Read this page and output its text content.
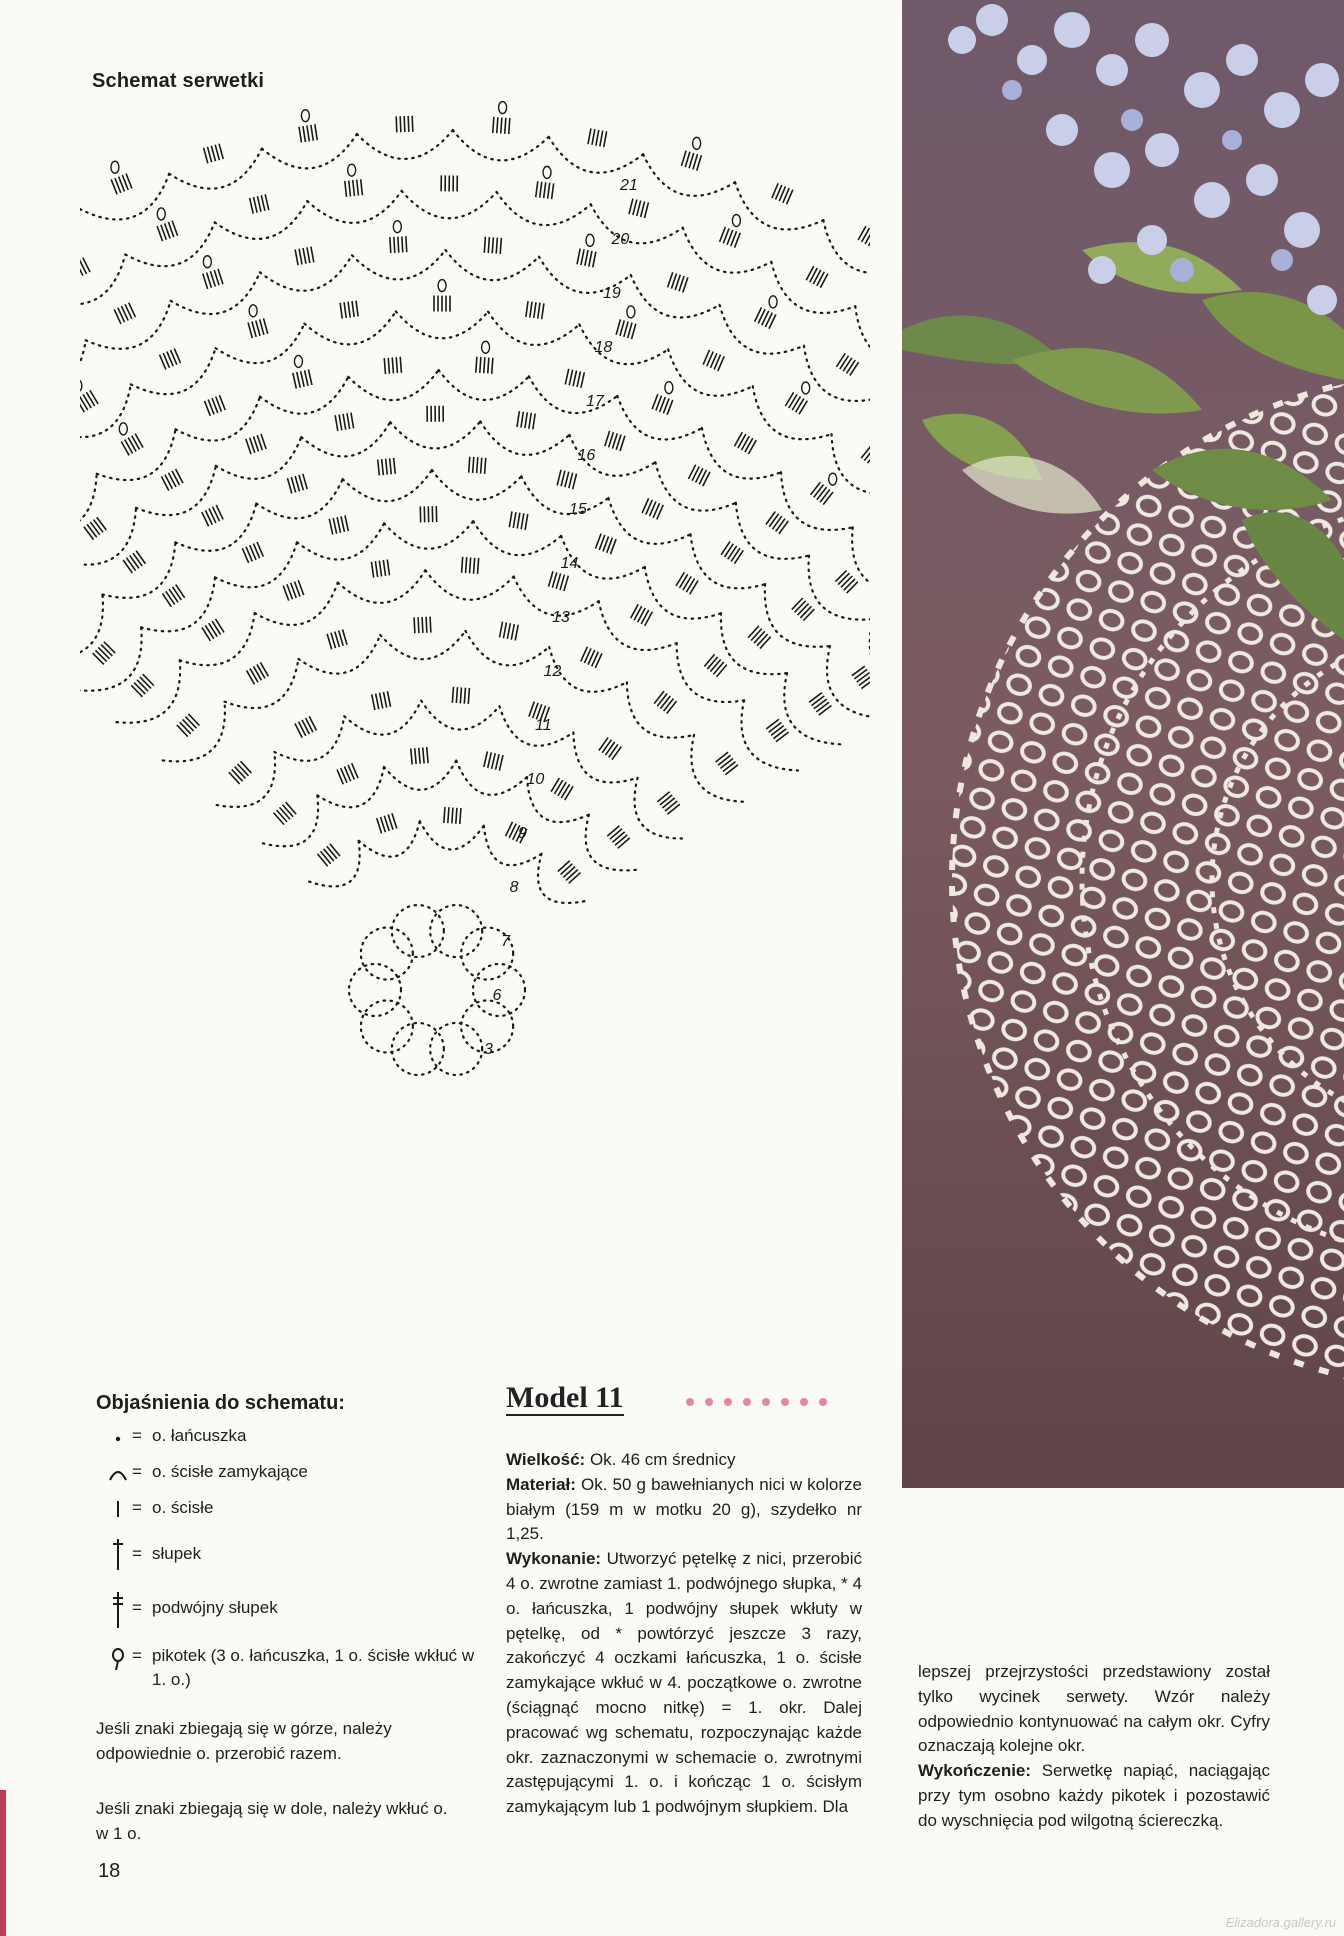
Schemat serwetki
21
20
19
18
17
16
15
14
13
12
11
10
9
8
7
6
3
Objaśnienia do schematu:
= o. łańcuszka
= o. ścisłe zamykające
= o. ścisłe
= słupek
= podwójny słupek
= pikotek (3 o. łańcuszka, 1 o. ścisłe wkłuć w 1. o.)
Jeśli znaki zbiegają się w górze, należy odpowiednie o. przerobić razem.
Jeśli znaki zbiegają się w dole, należy wkłuć o. w 1 o.
18
Model 11

Wielkość: Ok. 46 cm średnicy

Materiał: Ok. 50 g bawełnianych nici w kolorze białym (159 m w motku 20 g), szydełko nr 1,25.

Wykonanie: Utworzyć pętelkę z nici, przerobić 4 o. zwrotne zamiast 1. podwójnego słupka, * 4 o. łańcuszka, 1 podwójny słupek wkłuty w pętelkę, od * powtórzyć jeszcze 3 razy, zakończyć 4 oczkami łańcuszka, 1 o. ścisłe zamykające wkłuć w 4. początkowe o. zwrotne (ściągnąć mocno nitkę) = 1. okr. Dalej pracować wg schematu, rozpoczynając każde okr. zaznaczonymi w schemacie o. zwrotnymi zastępującymi 1. o. i kończąc 1 o. ścisłym zamykającym lub 1 podwójnym słupkiem. Dla

lepszej przejrzystości przedstawiony został tylko wycinek serwety. Wzór należy odpowiednio kontynuować na całym okr. Cyfry oznaczają kolejne okr.

Wykończenie: Serwetkę napiąć, naciągając przy tym osobno każdy pikotek i pozostawić do wyschnięcia pod wilgotną ściereczką.

Elizadora.gallery.ru
